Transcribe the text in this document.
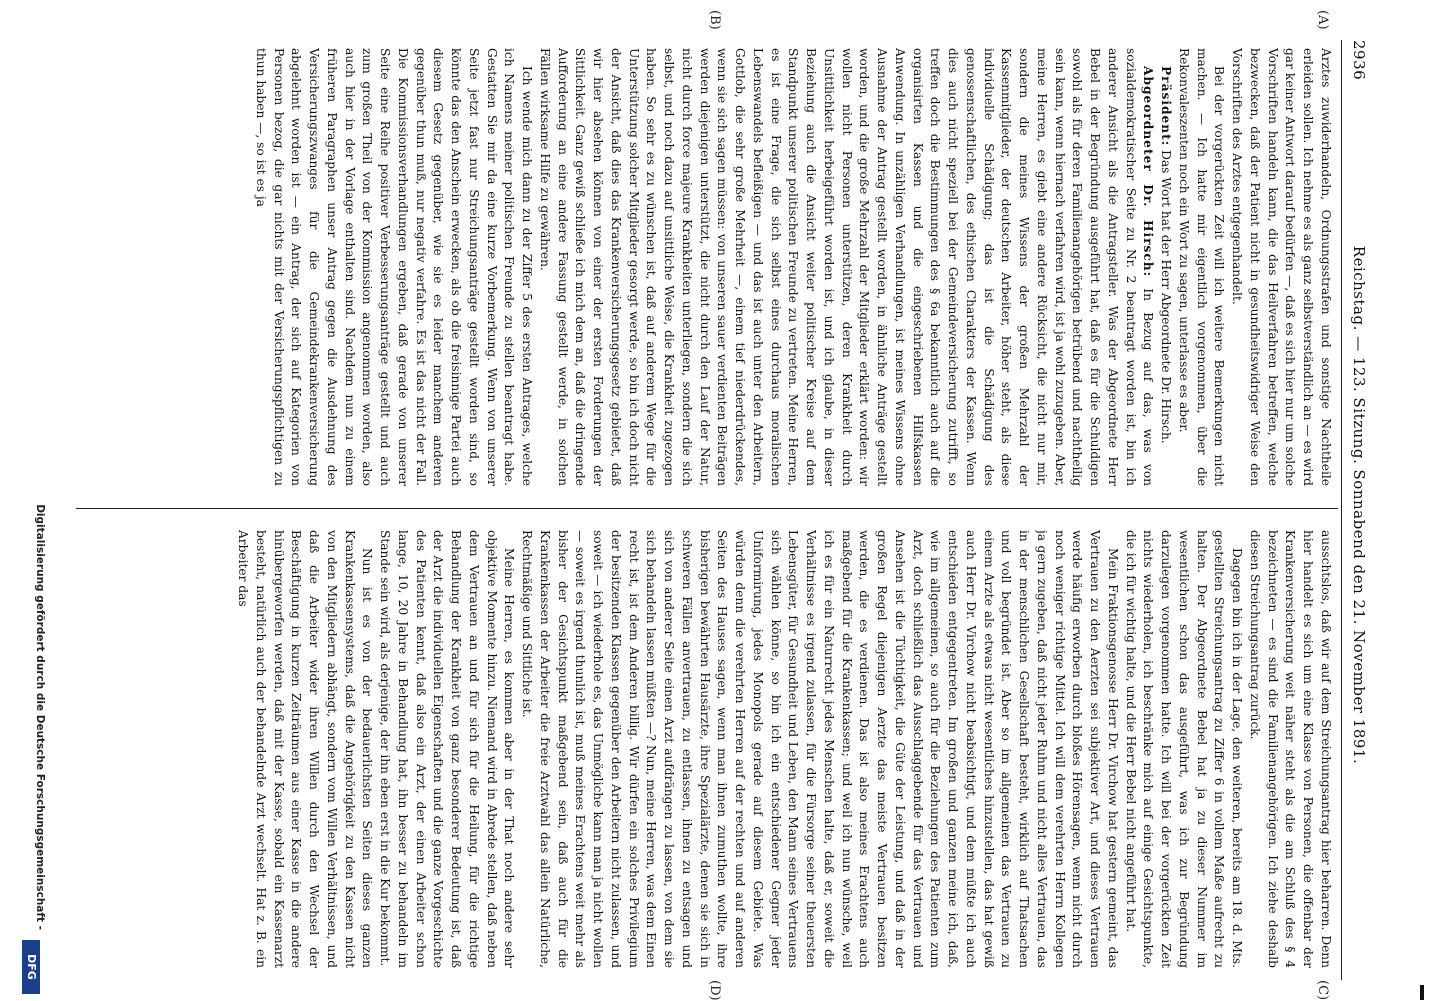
2936
Reichstag. — 123. Sitzung. Sonnabend den 21. November 1891.
(A)
(B)
(C)
(D)

Arztes zuwiderhandeln, Ordnungsstrafen und sonstige Nachtheile erleiden sollen. Ich nehme es als ganz selbstverständlich an — es wird gar keiner Antwort darauf bedürfen —, daß es sich hier nur um solche Vorschriften handeln kann, die das Heilverfahren betreffen, welche bezwecken, daß der Patient nicht in gesundheitswidriger Weise den Vorschriften des Arztes entgegenhandelt.

Bei der vorgerückten Zeit will ich weitere Bemerkungen nicht machen. — Ich hatte mir eigentlich vorgenommen, über die Rekonvaleszenten noch ein Wort zu sagen, unterlasse es aber.

Präsident: Das Wort hat der Herr Abgeordnete Dr. Hirsch.

Abgeordneter Dr. Hirsch: In Bezug auf das, was von sozialdemokratischer Seite zu Nr. 2 beantragt worden ist, bin ich anderer Ansicht als die Antragsteller. Was der Abgeordnete Herr Bebel in der Begründung ausgeführt hat, daß es für die Schuldigen sowohl als für deren Familienangehörigen betrübend und nachtheilig sein kann, wenn hiernach verfahren wird, ist ja wohl zuzugeben. Aber, meine Herren, es giebt eine andere Rücksicht, die nicht nur mir, sondern die meines Wissens der großen Mehrzahl der Kassenmitglieder, der deutschen Arbeiter, höher steht, als diese individuelle Schädigung; das ist die Schädigung des genossenschaftlichen, des ethischen Charakters der Kassen. Wenn dies auch nicht speziell bei der Gemeindeversicherung zutrifft, so treffen doch die Bestimmungen des § 6a bekanntlich auch auf die organisirten Kassen und die eingeschriebenen Hilfskassen Anwendung. In unzähligen Verhandlungen, ist meines Wissens ohne Ausnahme der Antrag gestellt worden, in ähnliche Anträge gestellt worden, und die große Mehrzahl der Mitglieder erklärt worden: wir wollen nicht Personen unterstützen, deren Krankheit durch Unsittlichkeit herbeigeführt worden ist, und ich glaube, in dieser Beziehung auch die Ansicht weiter politischer Kreise auf dem Standpunkt unserer politischen Freunde zu vertreten. Meine Herren, es ist eine Frage, die sich selbst eines durchaus moralischen Lebenswandels befleißigen — und das ist auch unter den Arbeitern, Gottlob, die sehr große Mehrheit —, einem tief niederdrückendes, wenn sie sich sagen müssen: von unseren sauer verdienten Beiträgen werden diejenigen unterstützt, die nicht durch den Lauf der Natur, nicht durch force majeure Krankheiten unterliegen, sondern die sich selbst, und noch dazu auf unsittliche Weise, die Krankheit zugezogen haben. So sehr es zu wünschen ist, daß auf anderem Wege für die Unterstützung solcher Mitglieder gesorgt werde, so bin ich doch nicht der Ansicht, daß dies das Krankenversicherungsgesetz gebietet, daß wir hier absehen können von einer der ersten Forderungen der Sittlichkeit. Ganz gewiß schließe ich mich dem an, daß die dringende Aufforderung an eine andere Fassung gestellt werde, in solchen Fällen wirksame Hilfe zu gewähren.

Ich wende mich dann zu der Ziffer 5 des ersten Antrages, welche ich Namens meiner politischen Freunde zu stellen beantragt habe. Gestatten Sie mir da eine kurze Vorbemerkung. Wenn von unserer Seite jetzt fast nur Streichungsanträge gestellt worden sind, so könnte das den Anschein erwecken, als ob die freisinnige Partei auch diesem Gesetz gegenüber, wie sie es leider manchem anderen gegenüber thun muß, nur negativ verfahre. Es ist das nicht der Fall. Die Kommissionsverhandlungen ergeben, daß gerade von unserer Seite eine Reihe positiver Verbesserungsanträge gestellt und auch zum großen Theil von der Kommission angenommen worden, also auch hier in der Vorlage enthalten sind. Nachdem nun zu einem früheren Paragraphen unser Antrag gegen die Ausdehnung des Versicherungszwanges für die Gemeindekrankenversicherung abgelehnt worden ist — ein Antrag, der sich auf Kategorien von Personen bezog, die gar nichts mit der Versicherungspflichtigen zu thun haben —, so ist es ja

ausschtslos, daß wir auf dem Streichungsantrag hier beharren. Denn hier handelt es sich um eine Klasse von Personen, die offenbar der Krankenversicherung weit näher steht als die am Schluß des § 4 bezeichneten — es sind die Familienangehörigen. Ich ziehe deshalb diesen Streichungsantrag zurück.

Dagegen bin ich in der Lage, den weiteren, bereits am 18. d. Mts. gestellten Streichungsantrag zu Ziffer 6 in vollem Maße aufrecht zu halten. Der Abgeordnete Bebel hat ja zu dieser Nummer im wesentlichen schon das ausgeführt, was ich zur Begründung darzulegen vorgenommen hatte. Ich will bei der vorgerückten Zeit nichts wiederholen, ich beschränke mich auf einige Gesichtspunkte, die ich für wichtig halte, und die Herr Bebel nicht angeführt hat.

Mein Fraktionsgenosse Herr Dr. Virchow hat gestern gemeint, das Vertrauen zu den Aerzten sei subjektiver Art, und dieses Vertrauen werde häufig erworben durch bloßes Hörensagen, wenn nicht durch noch weniger richtige Mittel. Ich will dem verehrten Herrn Kollegen ja gern zugeben, daß nicht jeder Ruhm und nicht alles Vertrauen, das in der menschlichen Gesellschaft besteht, wirklich auf Thatsachen und voll begründet ist. Aber so im allgemeinen das Vertrauen zu einem Arzte als etwas nicht wesentliches hinzustellen, das hat gewiß auch Herr Dr. Virchow nicht beabsichtigt, und dem müßte ich auch entschieden entgegentreten. Im großen und ganzen meine ich, daß, wie im allgemeinen, so auch für die Beziehungen des Patienten zum Arzt, doch schließlich das Ausschlaggebende für das Vertrauen und Ansehen ist die Tüchtigkeit, die Güte der Leistung, und daß in der großen Regel diejenigen Aerzte das meiste Vertrauen besitzen werden, die es verdienen. Das ist also meines Erachtens auch maßgebend für die Krankenkassen; und weil ich nun wünsche, weil ich es für ein Naturrecht jedes Menschen halte, daß er, soweit die Verhältnisse es irgend zulassen, für die Fürsorge seiner theuersten Lebensgüter, für Gesundheit und Leben, den Mann seines Vertrauens sich wählen könne, so bin ich ein entschiedener Gegner jeder Uniformirung, jedes Monopols gerade auf diesem Gebiete. Was würden denn die verehrten Herren auf der rechten und auf anderen Seiten des Hauses sagen, wenn man ihnen zumuthen wollte, ihre bisherigen bewährten Hausärzte, ihre Spezialärzte, denen sie sich in schweren Fällen anvertrauen, zu entlassen, ihnen zu entsagen und sich von anderer Seite einen Arzt aufdrängen zu lassen, von dem sie sich behandeln lassen müßten —? Nun, meine Herren, was dem Einen recht ist, ist dem Anderen billig. Wir dürfen ein solches Privilegium der besitzenden Klassen gegenüber den Arbeitern nicht zulassen, und soweit — ich wiederhole es, das Unmögliche kann man ja nicht wollen — soweit es irgend thunlich ist, muß meines Erachtens weit mehr als bisher der Gesichtspunkt maßgebend sein, daß auch für die Krankenkassen der Arbeiter die freie Arztwahl das allein Natürliche, Rechtmäßige und Sittliche ist.

Meine Herren, es kommen aber in der That noch andere sehr objektive Momente hinzu. Niemand wird in Abrede stellen, daß neben dem Vertrauen an und für sich für die Heilung, für die richtige Behandlung der Krankheit von ganz besonderer Bedeutung ist, daß der Arzt die individuellen Eigenschaften und die ganze Vorgeschichte des Patienten kennt, daß also ein Arzt, der einen Arbeiter schon lange, 10, 20 Jahre in Behandlung hat, ihn besser zu behandeln im Stande sein wird, als derjenige, der ihn eben erst in die Kur bekommt.

Nun ist es von der bedauerlichsten Seiten dieses ganzen Krankenkassensystems, daß die Angehörigkeit zu den Kassen nicht von den Mitgliedern abhängt, sondern vom Willen Verhältnissen, und daß die Arbeiter wider ihren Willen durch den Wechsel der Beschäftigung in kurzen Zeiträumen aus einer Kasse in die andere hinübergeworfen werden, daß mit der Kasse, sobald ein Kassenarzt besteht, natürlich auch der behandelnde Arzt wechselt. Hat z. B. ein Arbeiter das

Digitalisierung gefördert durch die Deutsche Forschungsgemeinschaft -
DFG
